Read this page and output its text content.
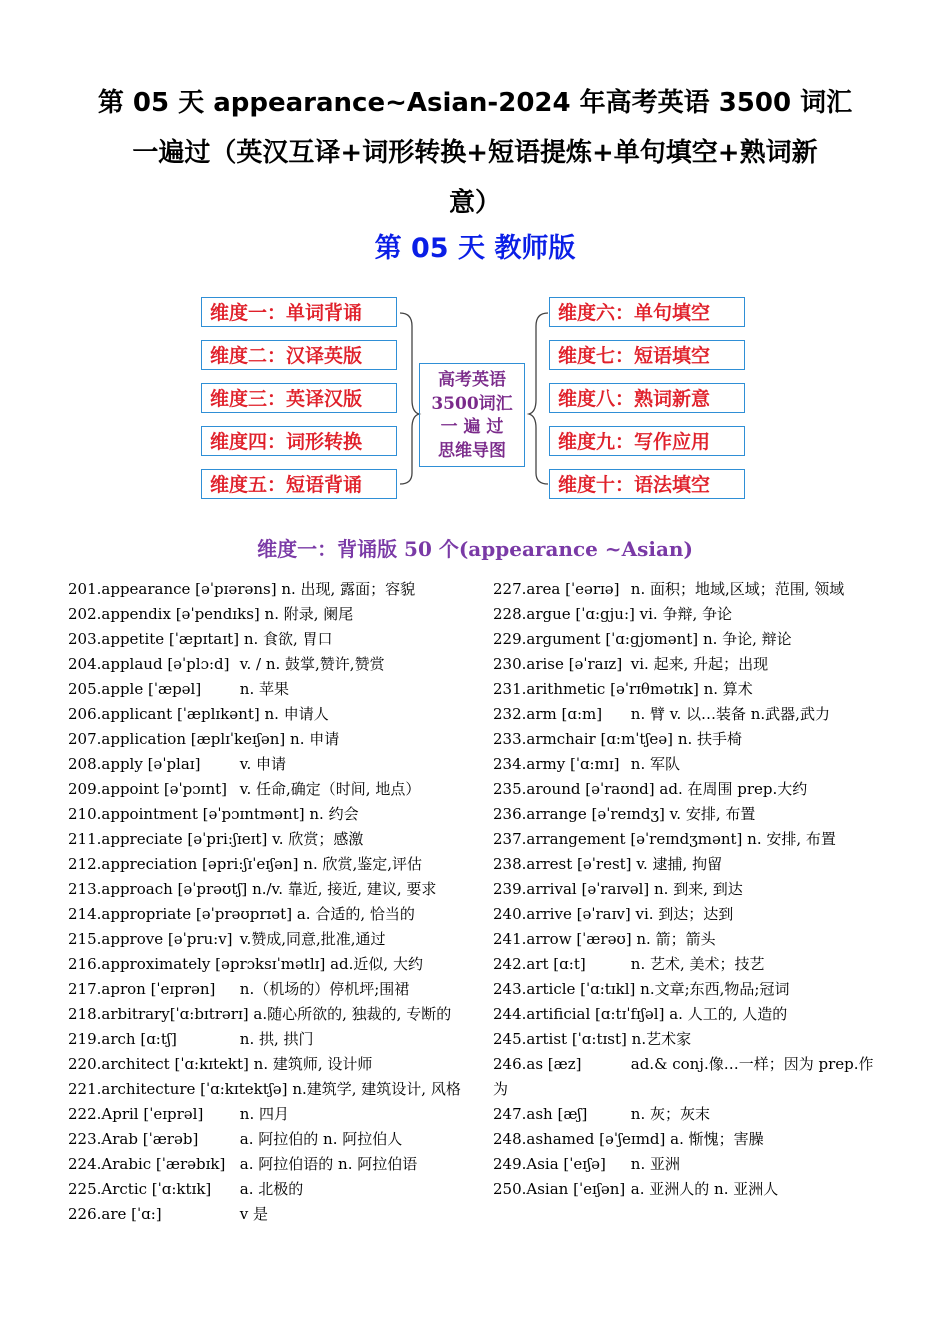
第 05 天 appearance~Asian-2024 年高考英语 3500 词汇
一遍过（英汉互译+词形转换+短语提炼+单句填空+熟词新
意）
第 05 天 教师版
维度一：单词背诵
维度二：汉译英版
维度三：英译汉版
维度四：词形转换
维度五：短语背诵
维度六：单句填空
维度七：短语填空
维度八：熟词新意
维度九：写作应用
维度十：语法填空
高考英语
3500词汇
一 遍 过
思维导图
维度一：背诵版 50 个(appearance ~Asian)
201.appearance [əˈpɪərəns] n. 出现, 露面；容貌
202.appendix [əˈpendɪks] n. 附录, 阑尾
203.appetite [ˈæpɪtaɪt] n. 食欲, 胃口
204.applaud [əˈplɔ:d] v. / n. 鼓掌,赞许,赞赏
205.apple [ˈæpəl]	n. 苹果
206.applicant [ˈæplɪkənt] n. 申请人
207.application [æplɪˈkeɪʃən] n. 申请
208.apply [əˈplaɪ]	v. 申请
209.appoint [əˈpɔɪnt] v. 任命,确定（时间, 地点）
210.appointment [əˈpɔɪntmənt] n. 约会
211.appreciate [əˈpri:ʃɪeɪt] v. 欣赏；感激
212.appreciation [əpri:ʃɪˈeɪʃən] n. 欣赏,鉴定,评估
213.approach [əˈprəʊtʃ] n./v. 靠近, 接近, 建议, 要求
214.appropriate [əˈprəʊprɪət] a. 合适的, 恰当的
215.approve [əˈpru:v] v.赞成,同意,批准,通过
216.approximately [əprɔksɪˈmətlɪ] ad.近似, 大约
217.apron [ˈeɪprən] n.（机场的）停机坪;围裙
218.arbitrary[ˈɑ:bɪtrərɪ] a.随心所欲的, 独裁的, 专断的
219.arch [ɑ:tʃ]	n. 拱, 拱门
220.architect [ˈɑ:kɪtekt] n. 建筑师, 设计师
221.architecture [ˈɑ:kɪtektʃə] n.建筑学, 建筑设计, 风格
222.April [ˈeɪprəl] n. 四月
223.Arab [ˈærəb]	a. 阿拉伯的 n. 阿拉伯人
224.Arabic [ˈærəbɪk] a. 阿拉伯语的 n. 阿拉伯语
225.Arctic [ˈɑ:ktɪk] a. 北极的
226.are [ˈɑ:]	v 是
227.area [ˈeərɪə] n. 面积；地域,区域；范围, 领域
228.argue [ˈɑ:gju:] vi. 争辩, 争论
229.argument [ˈɑ:gjʊmənt] n. 争论, 辩论
230.arise [əˈraɪz] vi. 起来, 升起；出现
231.arithmetic [əˈrɪθmətɪk] n. 算术
232.arm [ɑ:m] n. 臂 v. 以…装备 n.武器,武力
233.armchair [ɑ:mˈtʃeə] n. 扶手椅
234.army [ˈɑ:mɪ] n. 军队
235.around [əˈraʊnd] ad. 在周围 prep.大约
236.arrange [əˈreɪndʒ] v. 安排, 布置
237.arrangement [əˈreɪndʒmənt] n. 安排, 布置
238.arrest [əˈrest] v. 逮捕, 拘留
239.arrival [əˈraɪvəl] n. 到来, 到达
240.arrive [əˈraɪv] vi. 到达；达到
241.arrow [ˈærəʊ] n. 箭；箭头
242.art [ɑ:t]	n. 艺术, 美术；技艺
243.article [ˈɑ:tɪkl] n.文章;东西,物品;冠词
244.artificial [ɑ:tɪˈfɪʃəl] a. 人工的, 人造的
245.artist [ˈɑ:tɪst] n.艺术家
246.as [æz]	ad.& conj.像…一样；因为 prep.作为
247.ash [æʃ]	n. 灰；灰末
248.ashamed [əˈʃeɪmd] a. 惭愧；害臊
249.Asia [ˈeɪʃə] n. 亚洲
250.Asian [ˈeɪʃən] a. 亚洲人的 n. 亚洲人
